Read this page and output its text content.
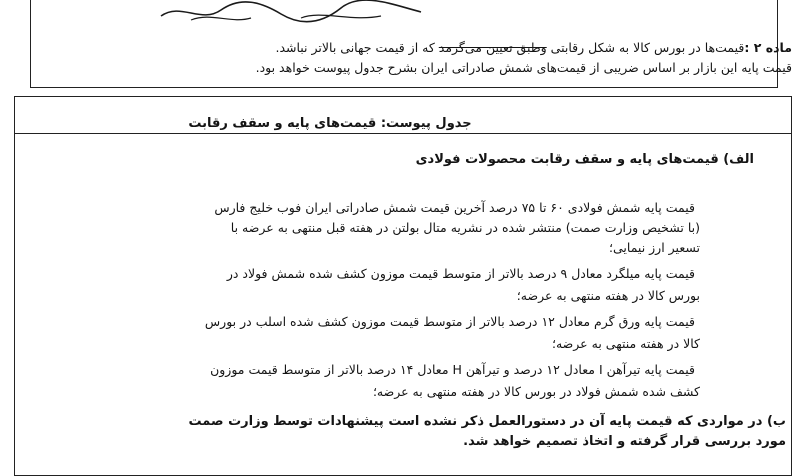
ماده ۲ :قیمت‌ها در بورس کالا به شکل رقابتی وطبق تعیین می‌گرمد که از قیمت جهانی بالاتر نباشد.
قیمت پایه این بازار بر اساس ضریبی از قیمت‌های شمش صادراتی ایران بشرح جدول پیوست خواهد بود.
جدول پیوست: قیمت‌های پایه و سقف رقابت
الف) قیمت‌های پایه و سقف رقابت محصولات فولادی
قیمت پایه شمش فولادی ۶۰ تا ۷۵ درصد آخرین قیمت شمش صادراتی ایران فوب خلیج فارس
(با تشخیص وزارت صمت) منتشر شده در نشریه متال بولتن در هفته قبل منتهی به عرضه با
تسعیر ارز نیمایی؛
قیمت پایه میلگرد معادل ۹ درصد بالاتر از متوسط قیمت موزون کشف شده شمش فولاد در
بورس کالا در هفته منتهی به عرضه؛
قیمت پایه ورق گرم معادل ۱۲ درصد بالاتر از متوسط قیمت موزون کشف شده اسلب در بورس
کالا در هفته منتهی به عرضه؛
قیمت پایه تیرآهن I معادل ۱۲ درصد و تیرآهن H معادل ۱۴ درصد بالاتر از متوسط قیمت موزون
کشف شده شمش فولاد در بورس کالا در هفته منتهی به عرضه؛
ب) در مواردی که قیمت پایه آن در دستورالعمل ذکر نشده است پیشنهادات توسط وزارت صمت
مورد بررسی قرار گرفته و اتخاذ تصمیم خواهد شد.
